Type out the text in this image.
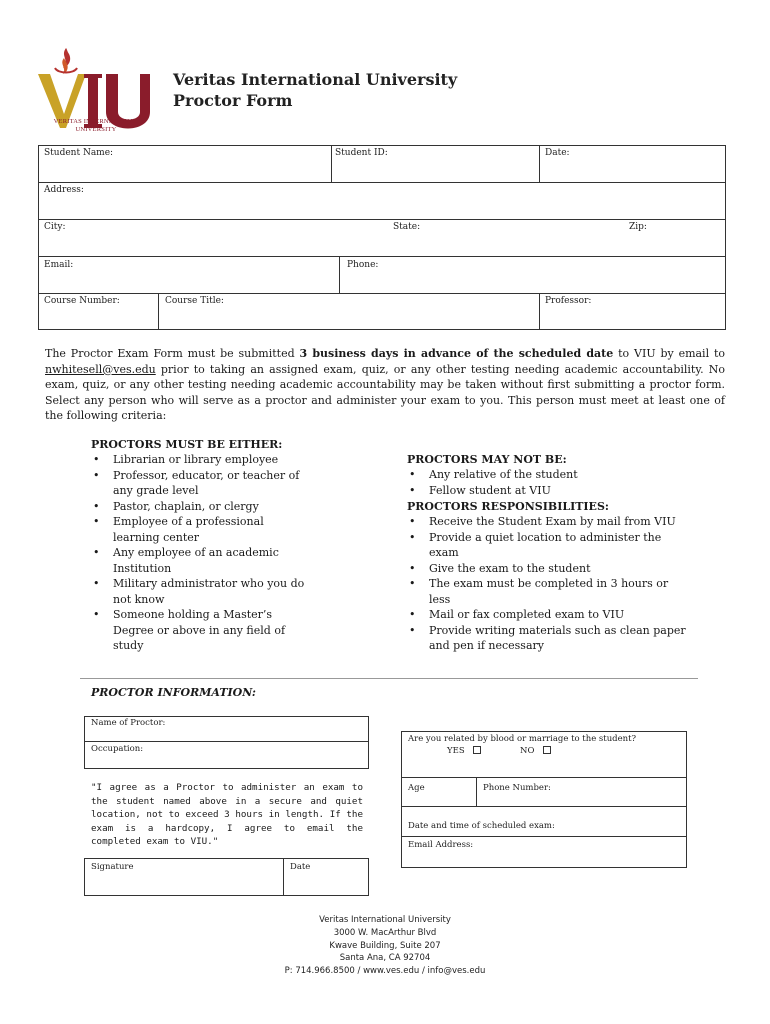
VERITAS INTERNATIONAL UNIVERSITY
Veritas International University
Proctor Form
Student Name:	Student ID:	Date:
Address:
City:	State:	Zip:
Email:	Phone:
Course Number:	Course Title:	Professor:
The Proctor Exam Form must be submitted 3 business days in advance of the scheduled date to VIU by email to nwhitesell@ves.edu prior to taking an assigned exam, quiz, or any other testing needing academic accountability. No exam, quiz, or any other testing needing academic accountability may be taken without first submitting a proctor form. Select any person who will serve as a proctor and administer your exam to you. This person must meet at least one of the following criteria:
PROCTORS MUST BE EITHER:
• Librarian or library employee
• Professor, educator, or teacher of any grade level
• Pastor, chaplain, or clergy
• Employee of a professional learning center
• Any employee of an academic Institution
• Military administrator who you do not know
• Someone holding a Master’s Degree or above in any field of study
PROCTORS MAY NOT BE:
• Any relative of the student
• Fellow student at VIU
PROCTORS RESPONSIBILITIES:
• Receive the Student Exam by mail from VIU
• Provide a quiet location to administer the exam
• Give the exam to the student
• The exam must be completed in 3 hours or less
• Mail or fax completed exam to VIU
• Provide writing materials such as clean paper and pen if necessary
PROCTOR INFORMATION:
Name of Proctor:
Occupation:
Are you related by blood or marriage to the student?
YES	NO
Age	Phone Number:
Date and time of scheduled exam:
Email Address:
"I agree as a Proctor to administer an exam to the student named above in a secure and quiet location, not to exceed 3 hours in length. If the exam is a hardcopy, I agree to email the completed exam to VIU."
Signature	Date
Veritas International University
3000 W. MacArthur Blvd
Kwave Building, Suite 207
Santa Ana, CA 92704
P: 714.966.8500 / www.ves.edu / info@ves.edu
